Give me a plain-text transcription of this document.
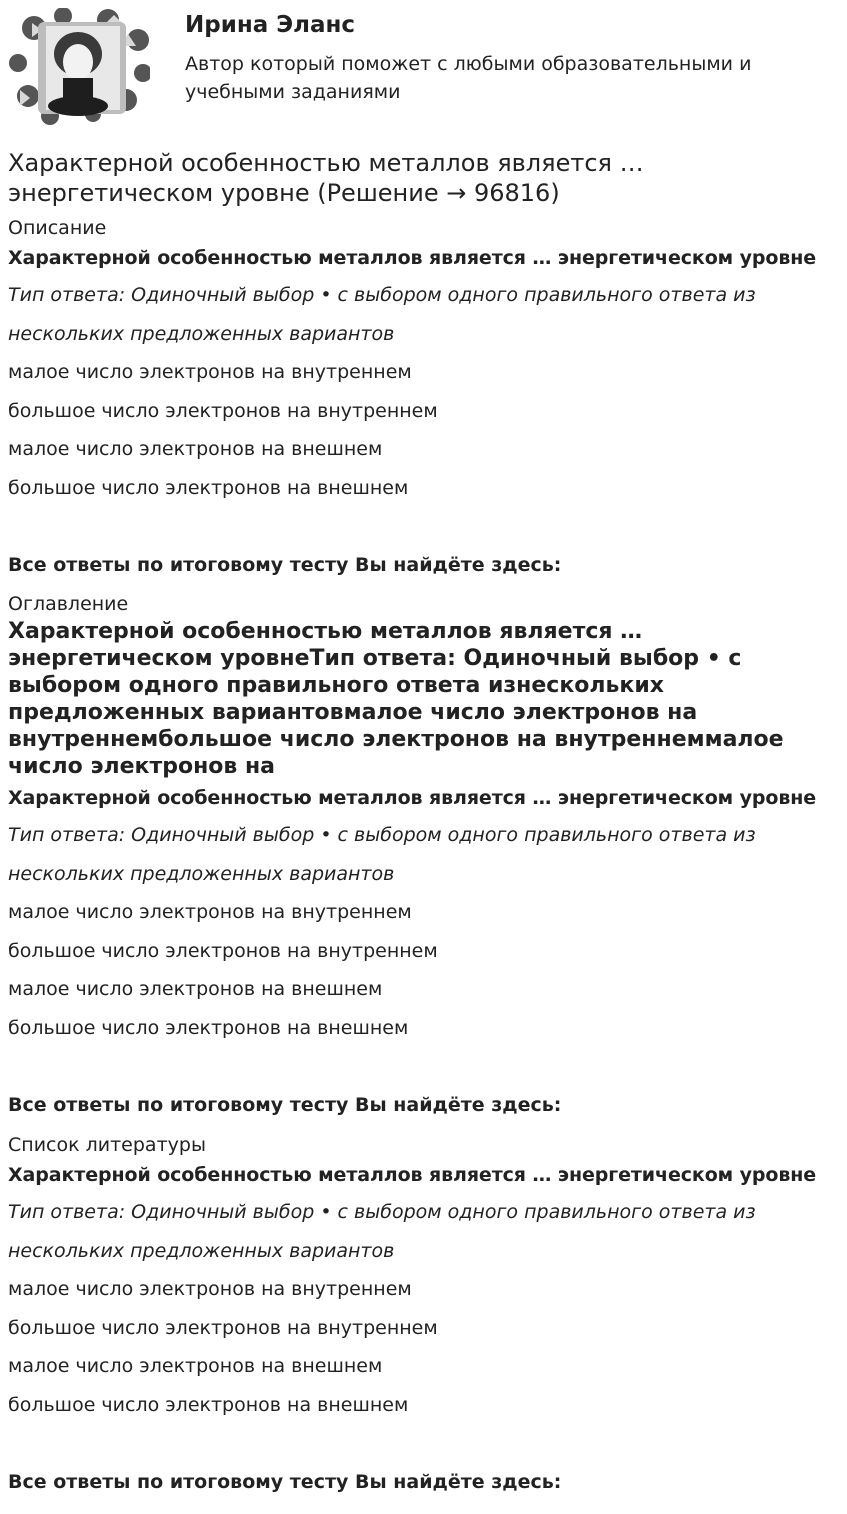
Ирина Эланс
Автор который поможет с любыми образовательными и учебными заданиями
Характерной особенностью металлов является … энергетическом уровне (Решение → 96816)
Описание
Характерной особенностью металлов является … энергетическом уровне
Тип ответа: Одиночный выбор • с выбором одного правильного ответа из нескольких предложенных вариантов
малое число электронов на внутреннем
большое число электронов на внутреннем
малое число электронов на внешнем
большое число электронов на внешнем
Все ответы по итоговому тесту Вы найдёте здесь:
Оглавление
Характерной особенностью металлов является … энергетическом уровнеТип ответа: Одиночный выбор • с выбором одного правильного ответа изнескольких предложенных вариантовмалое число электронов на внутреннембольшое число электронов на внутреннеммалое число электронов на
Характерной особенностью металлов является … энергетическом уровне
Тип ответа: Одиночный выбор • с выбором одного правильного ответа из нескольких предложенных вариантов
малое число электронов на внутреннем
большое число электронов на внутреннем
малое число электронов на внешнем
большое число электронов на внешнем
Все ответы по итоговому тесту Вы найдёте здесь:
Список литературы
Характерной особенностью металлов является … энергетическом уровне
Тип ответа: Одиночный выбор • с выбором одного правильного ответа из нескольких предложенных вариантов
малое число электронов на внутреннем
большое число электронов на внутреннем
малое число электронов на внешнем
большое число электронов на внешнем
Все ответы по итоговому тесту Вы найдёте здесь:
